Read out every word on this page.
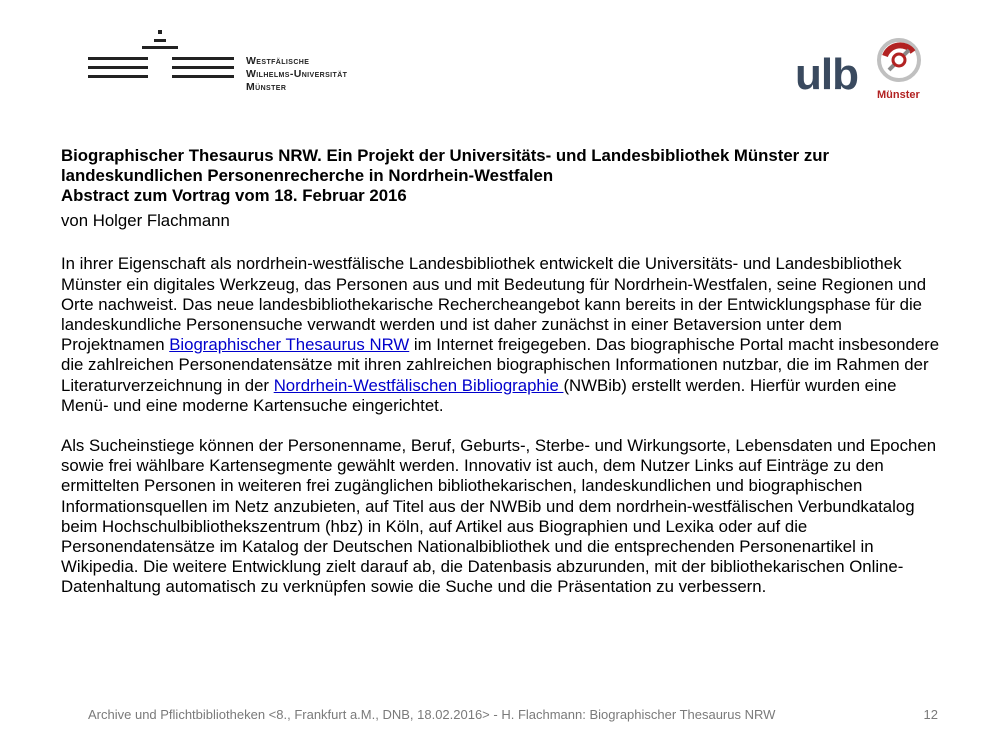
Westfälische
Wilhelms-Universität
Münster	ulb Münster
Biographischer Thesaurus NRW. Ein Projekt der Universitäts- und Landesbibliothek Münster zur
landeskundlichen Personenrecherche in Nordrhein-Westfalen
Abstract zum Vortrag vom 18. Februar 2016
von Holger Flachmann

In ihrer Eigenschaft als nordrhein-westfälische Landesbibliothek entwickelt die Universitäts- und Landesbibliothek Münster ein digitales Werkzeug, das Personen aus und mit Bedeutung für Nordrhein-Westfalen, seine Regionen und Orte nachweist. Das neue landesbibliothekarische Rechercheangebot kann bereits in der Entwicklungsphase für die landeskundliche Personensuche verwandt werden und ist daher zunächst in einer Betaversion unter dem Projektnamen Biographischer Thesaurus NRW im Internet freigegeben. Das biographische Portal macht insbesondere die zahlreichen Personendatensätze mit ihren zahlreichen biographischen Informationen nutzbar, die im Rahmen der Literaturverzeichnung in der Nordrhein-Westfälischen Bibliographie (NWBib) erstellt werden. Hierfür wurden eine Menü- und eine moderne Kartensuche eingerichtet.

Als Sucheinstiege können der Personenname, Beruf, Geburts-, Sterbe- und Wirkungsorte, Lebensdaten und Epochen sowie frei wählbare Kartensegmente gewählt werden. Innovativ ist auch, dem Nutzer Links auf Einträge zu den ermittelten Personen in weiteren frei zugänglichen bibliothekarischen, landeskundlichen und biographischen Informationsquellen im Netz anzubieten, auf Titel aus der NWBib und dem nordrhein-westfälischen Verbundkatalog beim Hochschulbibliothekszentrum (hbz) in Köln, auf Artikel aus Biographien und Lexika oder auf die Personendatensätze im Katalog der Deutschen Nationalbibliothek und die entsprechenden Personenartikel in Wikipedia. Die weitere Entwicklung zielt darauf ab, die Datenbasis abzurunden, mit der bibliothekarischen Online-Datenhaltung automatisch zu verknüpfen sowie die Suche und die Präsentation zu verbessern.

Archive und Pflichtbibliotheken <8., Frankfurt a.M., DNB, 18.02.2016> - H. Flachmann: Biographischer Thesaurus NRW	12
